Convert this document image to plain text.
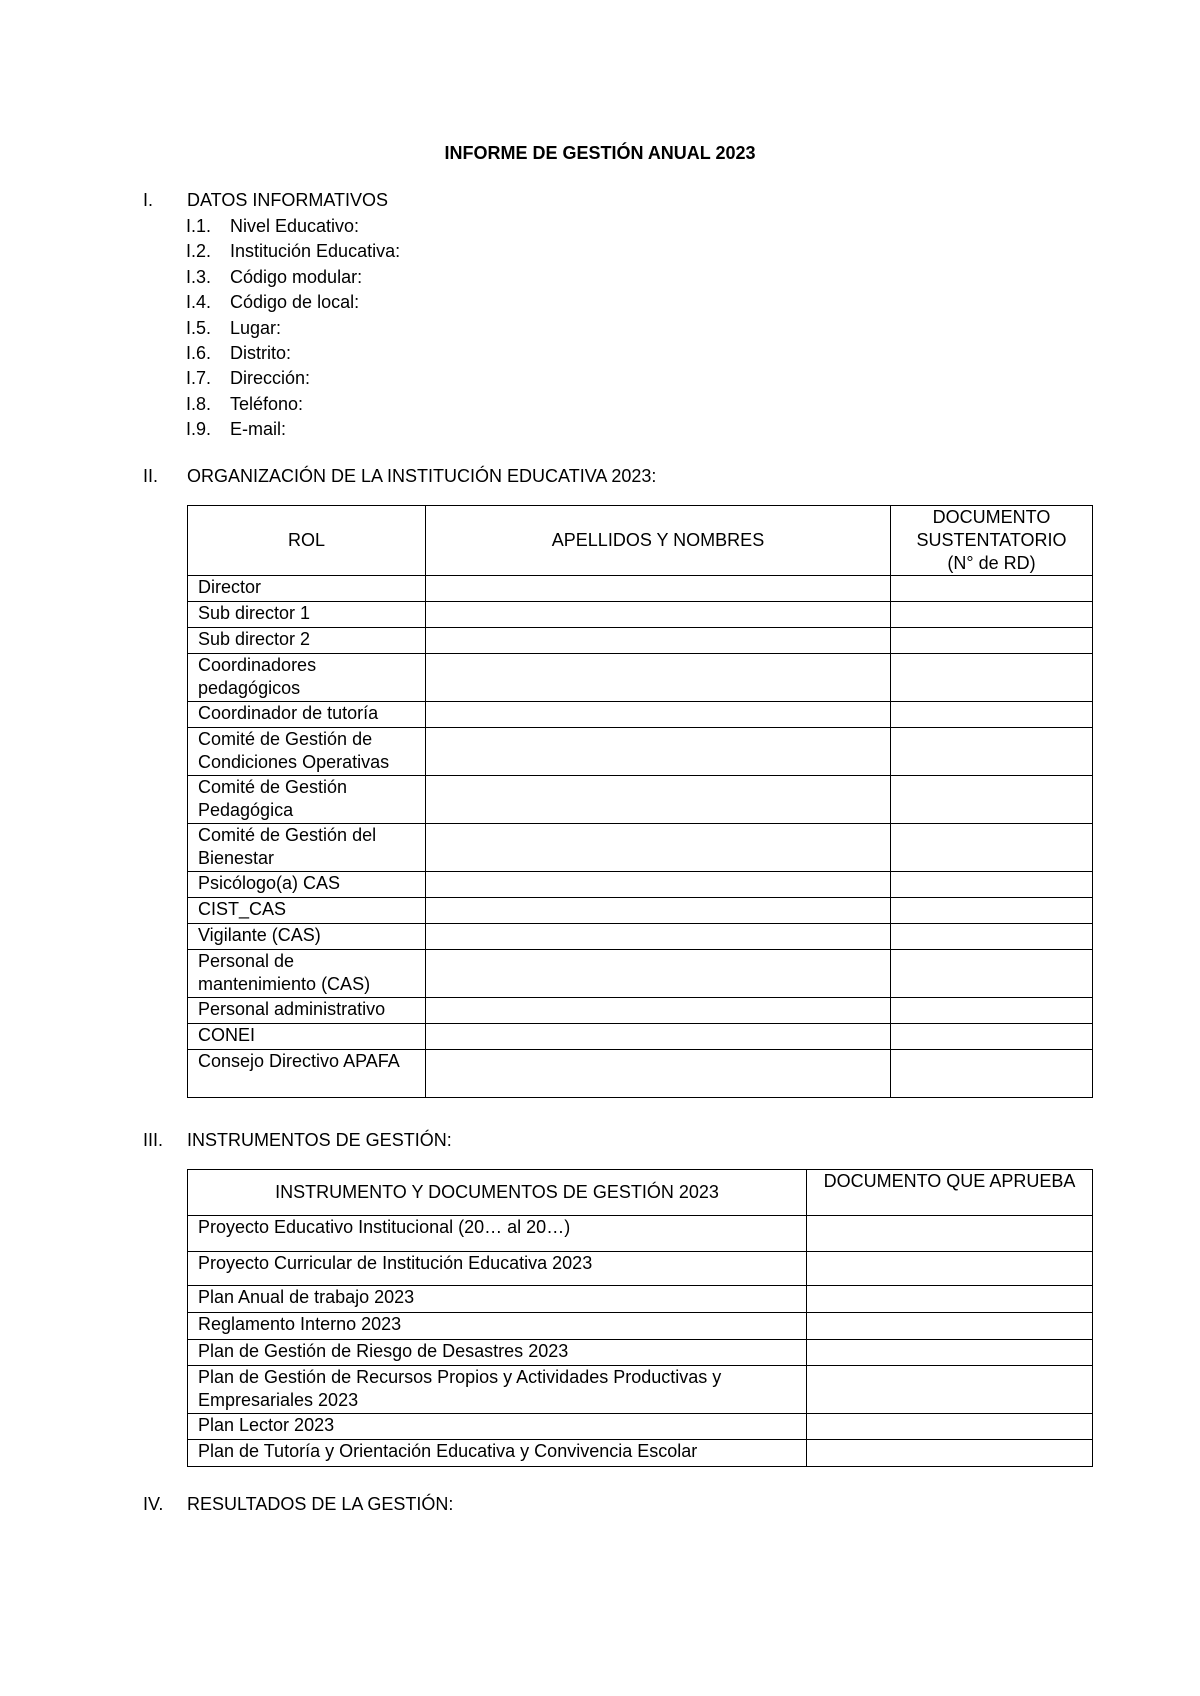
INFORME DE GESTIÓN ANUAL 2023
I. DATOS INFORMATIVOS
I.1. Nivel Educativo:
I.2. Institución Educativa:
I.3. Código modular:
I.4. Código de local:
I.5. Lugar:
I.6. Distrito:
I.7. Dirección:
I.8. Teléfono:
I.9. E-mail:
II. ORGANIZACIÓN DE LA INSTITUCIÓN EDUCATIVA 2023:
ROL	APELLIDOS Y NOMBRES	DOCUMENTO SUSTENTATORIO (N° de RD)
Director		
Sub director 1		
Sub director 2		
Coordinadores pedagógicos		
Coordinador de tutoría		
Comité de Gestión de Condiciones Operativas		
Comité de Gestión Pedagógica		
Comité de Gestión del Bienestar		
Psicólogo(a) CAS		
CIST_CAS		
Vigilante (CAS)		
Personal de mantenimiento (CAS)		
Personal administrativo		
CONEI		
Consejo Directivo APAFA		
III. INSTRUMENTOS DE GESTIÓN:
INSTRUMENTO Y DOCUMENTOS DE GESTIÓN 2023	DOCUMENTO QUE APRUEBA
Proyecto Educativo Institucional (20… al 20…)	
Proyecto Curricular de Institución Educativa 2023	
Plan Anual de trabajo 2023	
Reglamento Interno 2023	
Plan de Gestión de Riesgo de Desastres 2023	
Plan de Gestión de Recursos Propios y Actividades Productivas y Empresariales 2023	
Plan Lector 2023	
Plan de Tutoría y Orientación Educativa y Convivencia Escolar	
IV. RESULTADOS DE LA GESTIÓN:
